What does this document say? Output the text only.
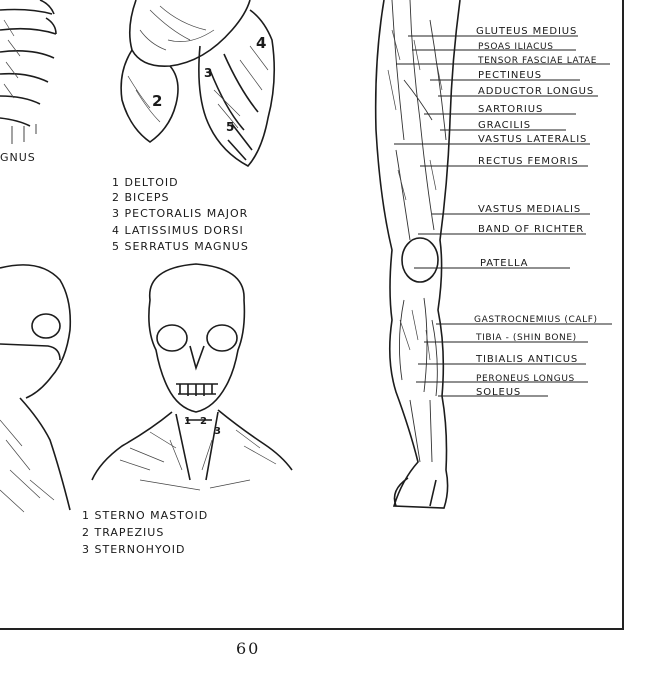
GNUS
2
3
4
5
1 DELTOID
2 BICEPS
3 PECTORALIS MAJOR
4 LATISSIMUS DORSI
5 SERRATUS MAGNUS
1 2
3
1 STERNO MASTOID
2 TRAPEZIUS
3 STERNOHYOID
GLUTEUS MEDIUS
PSOAS ILIACUS
TENSOR FASCIAE LATAE
PECTINEUS
ADDUCTOR LONGUS
SARTORIUS
GRACILIS
VASTUS LATERALIS
RECTUS FEMORIS
VASTUS MEDIALIS
BAND OF RICHTER
PATELLA
GASTROCNEMIUS (CALF)
TIBIA - (SHIN BONE)
TIBIALIS ANTICUS
PERONEUS LONGUS
SOLEUS
60
